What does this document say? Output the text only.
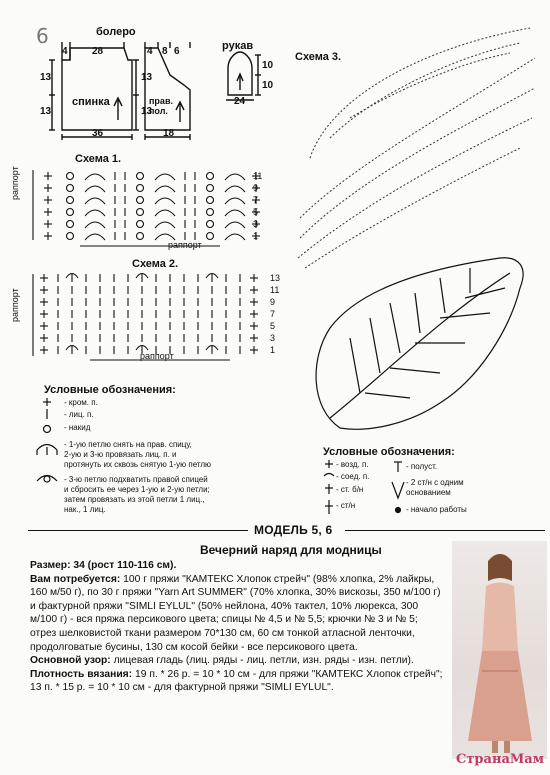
6	болеро
28
4
13
13
36
спинка
4 8 6
13
13
18
прав.
пол.
рукав
10
10
24
Схема 1.
11
9
7
5
3
1
раппорт
раппорт
Схема 2.
13
11
9
7
5
3
1
раппорт
раппорт
Схема 3.
Условные обозначения:
- кром. п.
- лиц. п.
- накид
- 1-ую петлю снять на прав. спицу,
2-ую и 3-ю провязать лиц. п. и
протянуть их сквозь снятую 1-ую петлю
- 3-ю петлю подхватить правой спицей
и сбросить ее через 1-ую и 2-ую петли;
затем провязать из этой петли 1 лиц.,
нак., 1 лиц.
Условные обозначения:
- возд. п.
- соед. п.
- ст. б/н
- ст/н
- полуст.
- 2 ст/н с одним
основанием
- начало работы
МОДЕЛЬ 5, 6
Вечерний наряд для модницы
Размер: 34 (рост 110-116 см).
Вам потребуется: 100 г пряжи "КАМТЕКС Хлопок стрейч" (98% хлопка, 2% лайкры, 160 м/50 г), по 30 г пряжи "Yarn Art SUMMER" (70% хлопка, 30% вискозы, 350 м/100 г) и фактурной пряжи "SIMLI EYLUL" (50% нейлона, 40% тактел, 10% люрекса, 300 м/100 г) - вся пряжа персикового цвета; спицы № 4,5 и № 5,5; крючки № 3 и № 5; отрез шелковистой ткани размером 70*130 см, 60 см тонкой атласной ленточки, продолговатые бусины, 130 см косой бейки - все персикового цвета.
Основной узор: лицевая гладь (лиц. ряды - лиц. петли, изн. ряды - изн. петли).
Плотность вязания: 19 п. * 26 р. = 10 * 10 см - для пряжи "КАМТЕКС Хлопок стрейч";
13 п. * 15 р. = 10 * 10 см - для фактурной пряжи "SIMLI EYLUL".
СтранаМам
